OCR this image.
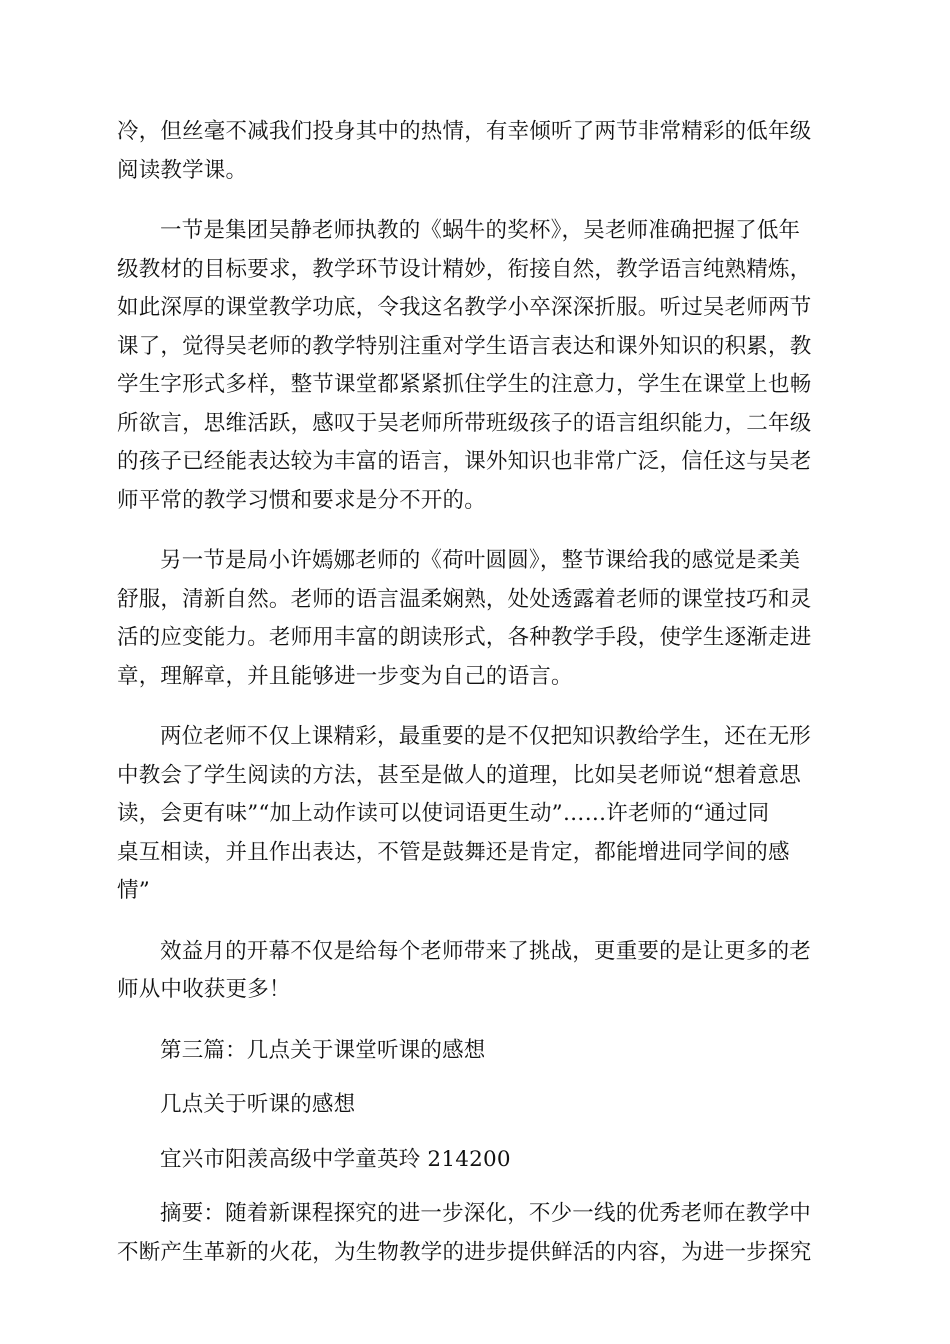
冷，但丝毫不减我们投身其中的热情，有幸倾听了两节非常精彩的低年级
阅读教学课。

一节是集团吴静老师执教的《蜗牛的奖杯》，吴老师准确把握了低年
级教材的目标要求，教学环节设计精妙，衔接自然，教学语言纯熟精炼，
如此深厚的课堂教学功底，令我这名教学小卒深深折服。听过吴老师两节
课了，觉得吴老师的教学特别注重对学生语言表达和课外知识的积累，教
学生字形式多样，整节课堂都紧紧抓住学生的注意力，学生在课堂上也畅
所欲言，思维活跃，感叹于吴老师所带班级孩子的语言组织能力，二年级
的孩子已经能表达较为丰富的语言，课外知识也非常广泛，信任这与吴老
师平常的教学习惯和要求是分不开的。

另一节是局小许嫣娜老师的《荷叶圆圆》，整节课给我的感觉是柔美
舒服，清新自然。老师的语言温柔娴熟，处处透露着老师的课堂技巧和灵
活的应变能力。老师用丰富的朗读形式，各种教学手段，使学生逐渐走进
章，理解章，并且能够进一步变为自己的语言。

两位老师不仅上课精彩，最重要的是不仅把知识教给学生，还在无形
中教会了学生阅读的方法，甚至是做人的道理，比如吴老师说“想着意思
读，会更有味”“加上动作读可以使词语更生动”……许老师的“通过同
桌互相读，并且作出表达，不管是鼓舞还是肯定，都能增进同学间的感
情”

效益月的开幕不仅是给每个老师带来了挑战，更重要的是让更多的老
师从中收获更多！

第三篇：几点关于课堂听课的感想

几点关于听课的感想

宜兴市阳羡高级中学童英玲 214200

摘要：随着新课程探究的进一步深化，不少一线的优秀老师在教学中
不断产生革新的火花，为生物教学的进步提供鲜活的内容，为进一步探究
